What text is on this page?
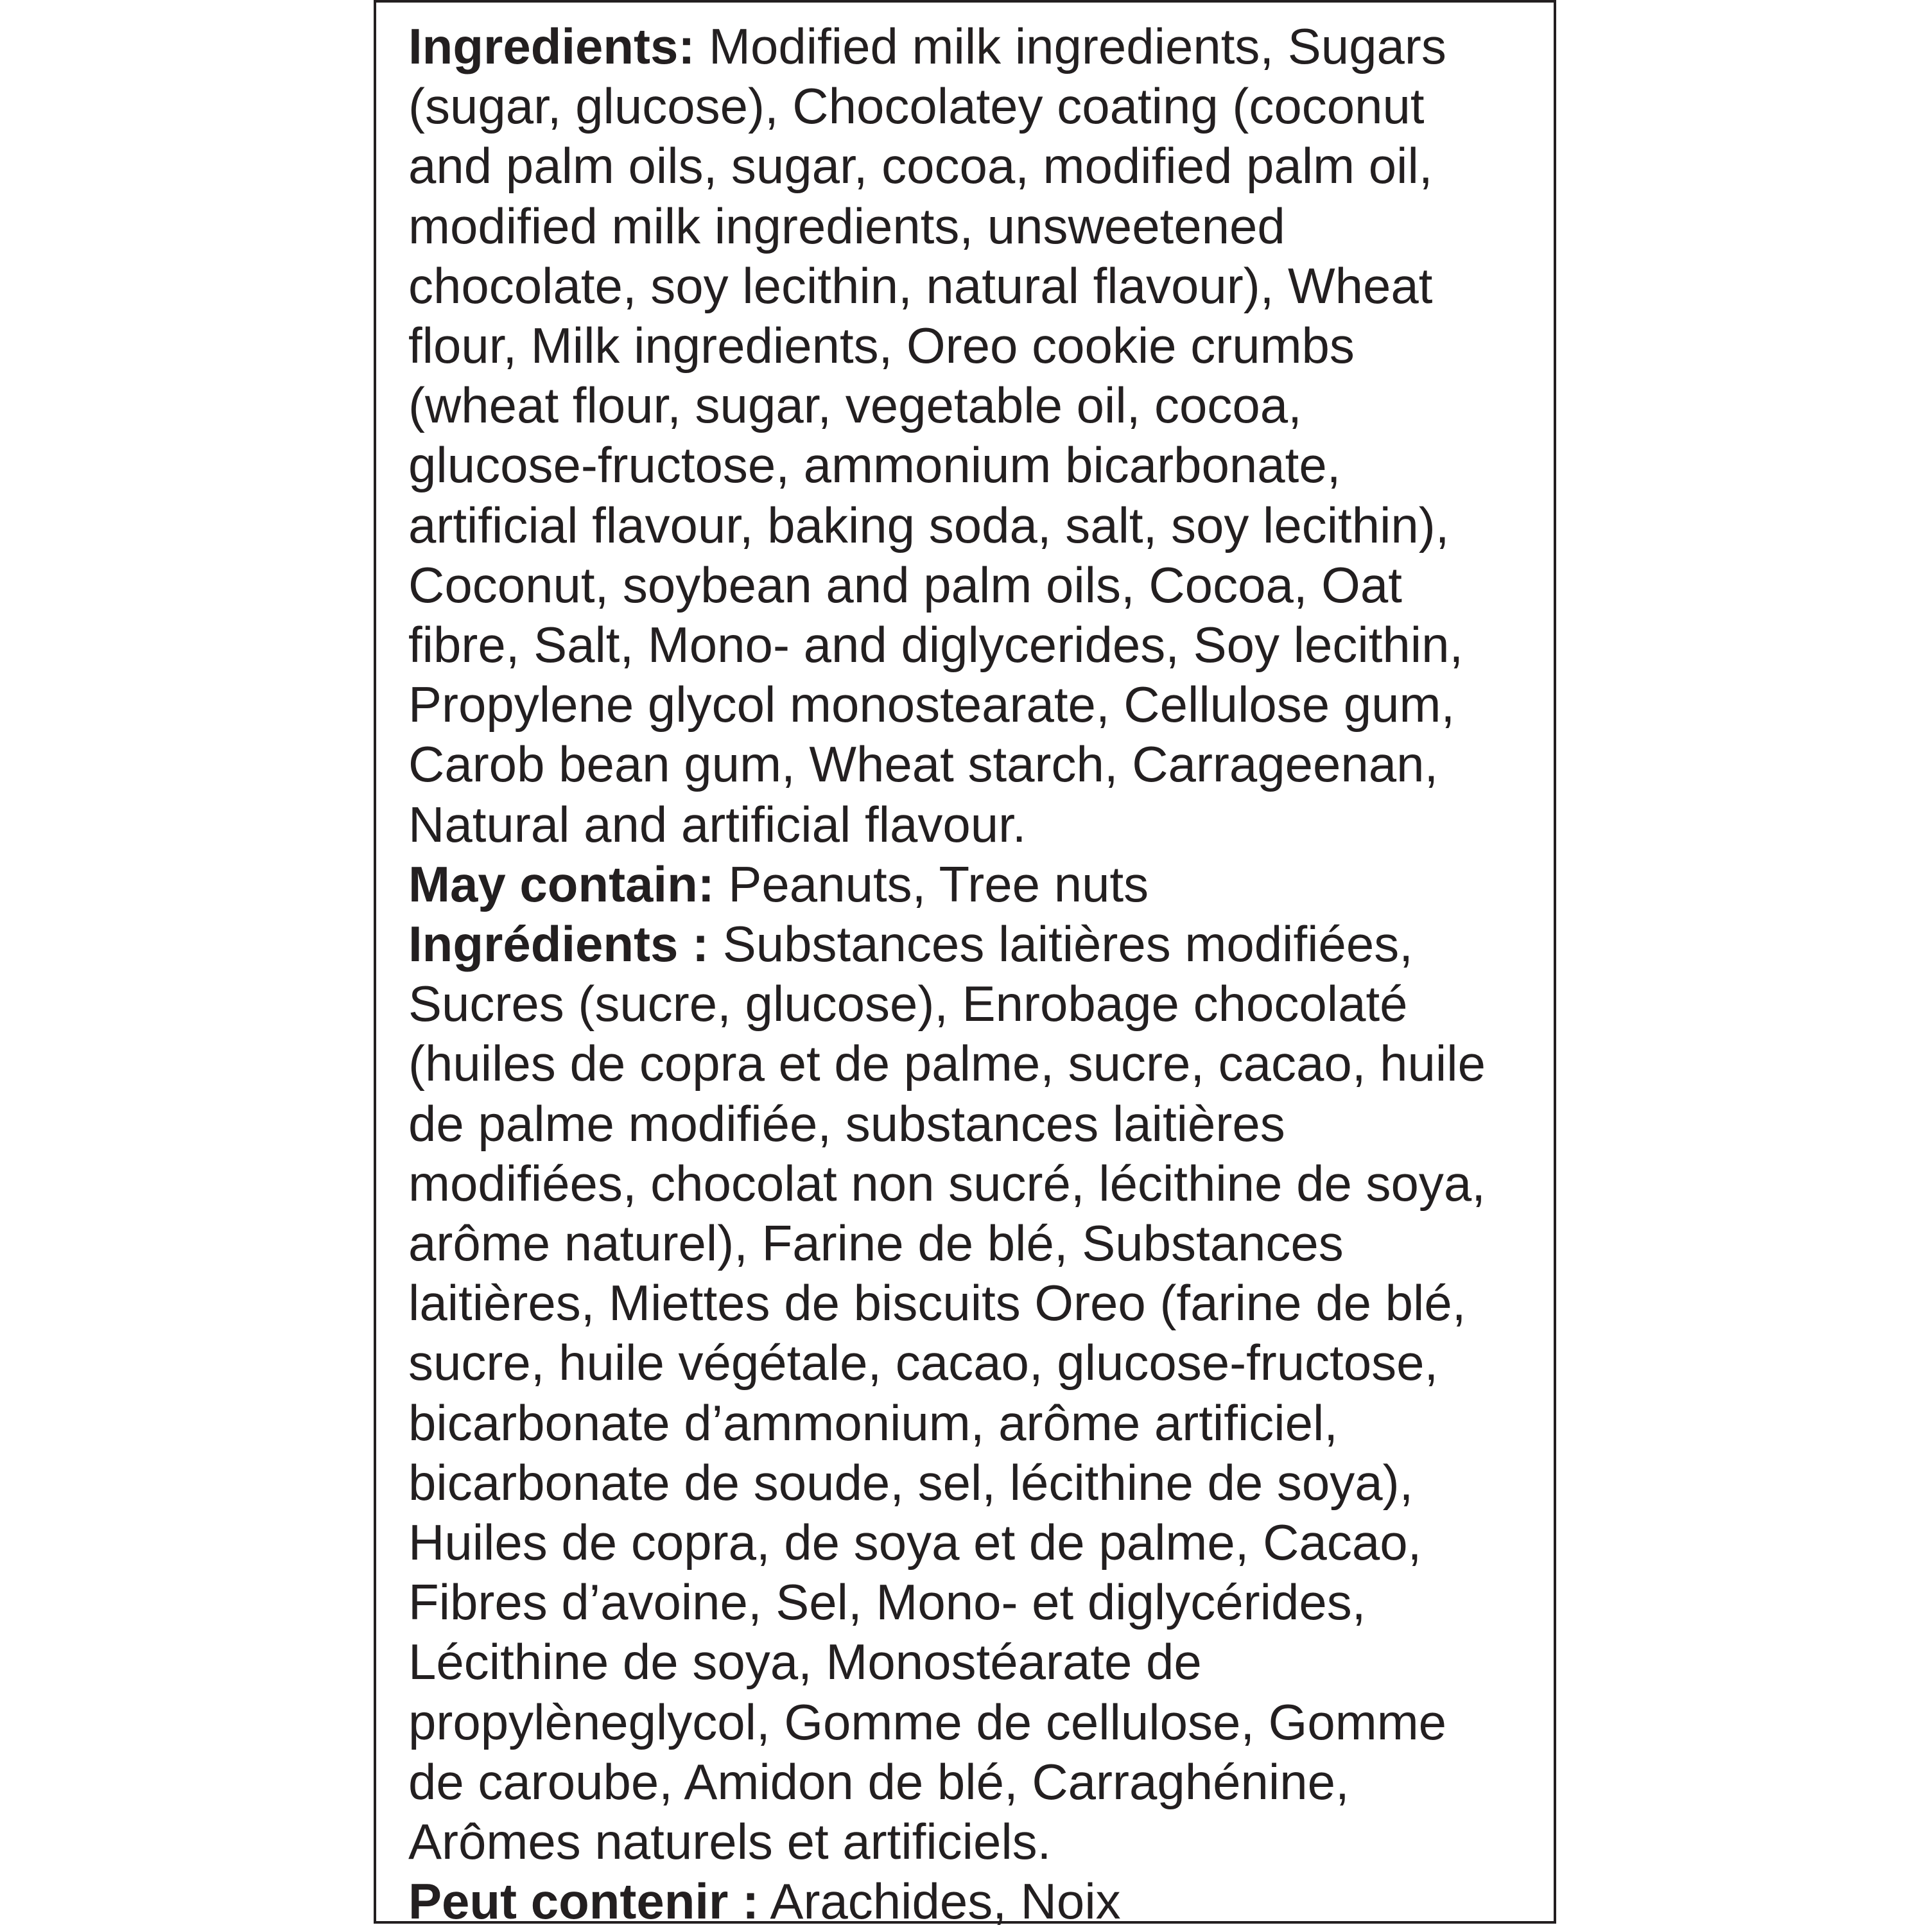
Ingredients: Modified milk ingredients, Sugars
(sugar, glucose), Chocolatey coating (coconut
and palm oils, sugar, cocoa, modified palm oil,
modified milk ingredients, unsweetened
chocolate, soy lecithin, natural flavour), Wheat
flour, Milk ingredients, Oreo cookie crumbs
(wheat flour, sugar, vegetable oil, cocoa,
glucose-fructose, ammonium bicarbonate,
artificial flavour, baking soda, salt, soy lecithin),
Coconut, soybean and palm oils, Cocoa, Oat
fibre, Salt, Mono- and diglycerides, Soy lecithin,
Propylene glycol monostearate, Cellulose gum,
Carob bean gum, Wheat starch, Carrageenan,
Natural and artificial flavour.
May contain: Peanuts, Tree nuts
Ingrédients : Substances laitières modifiées,
Sucres (sucre, glucose), Enrobage chocolaté
(huiles de copra et de palme, sucre, cacao, huile
de palme modifiée, substances laitières
modifiées, chocolat non sucré, lécithine de soya,
arôme naturel), Farine de blé, Substances
laitières, Miettes de biscuits Oreo (farine de blé,
sucre, huile végétale, cacao, glucose-fructose,
bicarbonate d’ammonium, arôme artificiel,
bicarbonate de soude, sel, lécithine de soya),
Huiles de copra, de soya et de palme, Cacao,
Fibres d’avoine, Sel, Mono- et diglycérides,
Lécithine de soya, Monostéarate de
propylèneglycol, Gomme de cellulose, Gomme
de caroube, Amidon de blé, Carraghénine,
Arômes naturels et artificiels.
Peut contenir : Arachides, Noix
